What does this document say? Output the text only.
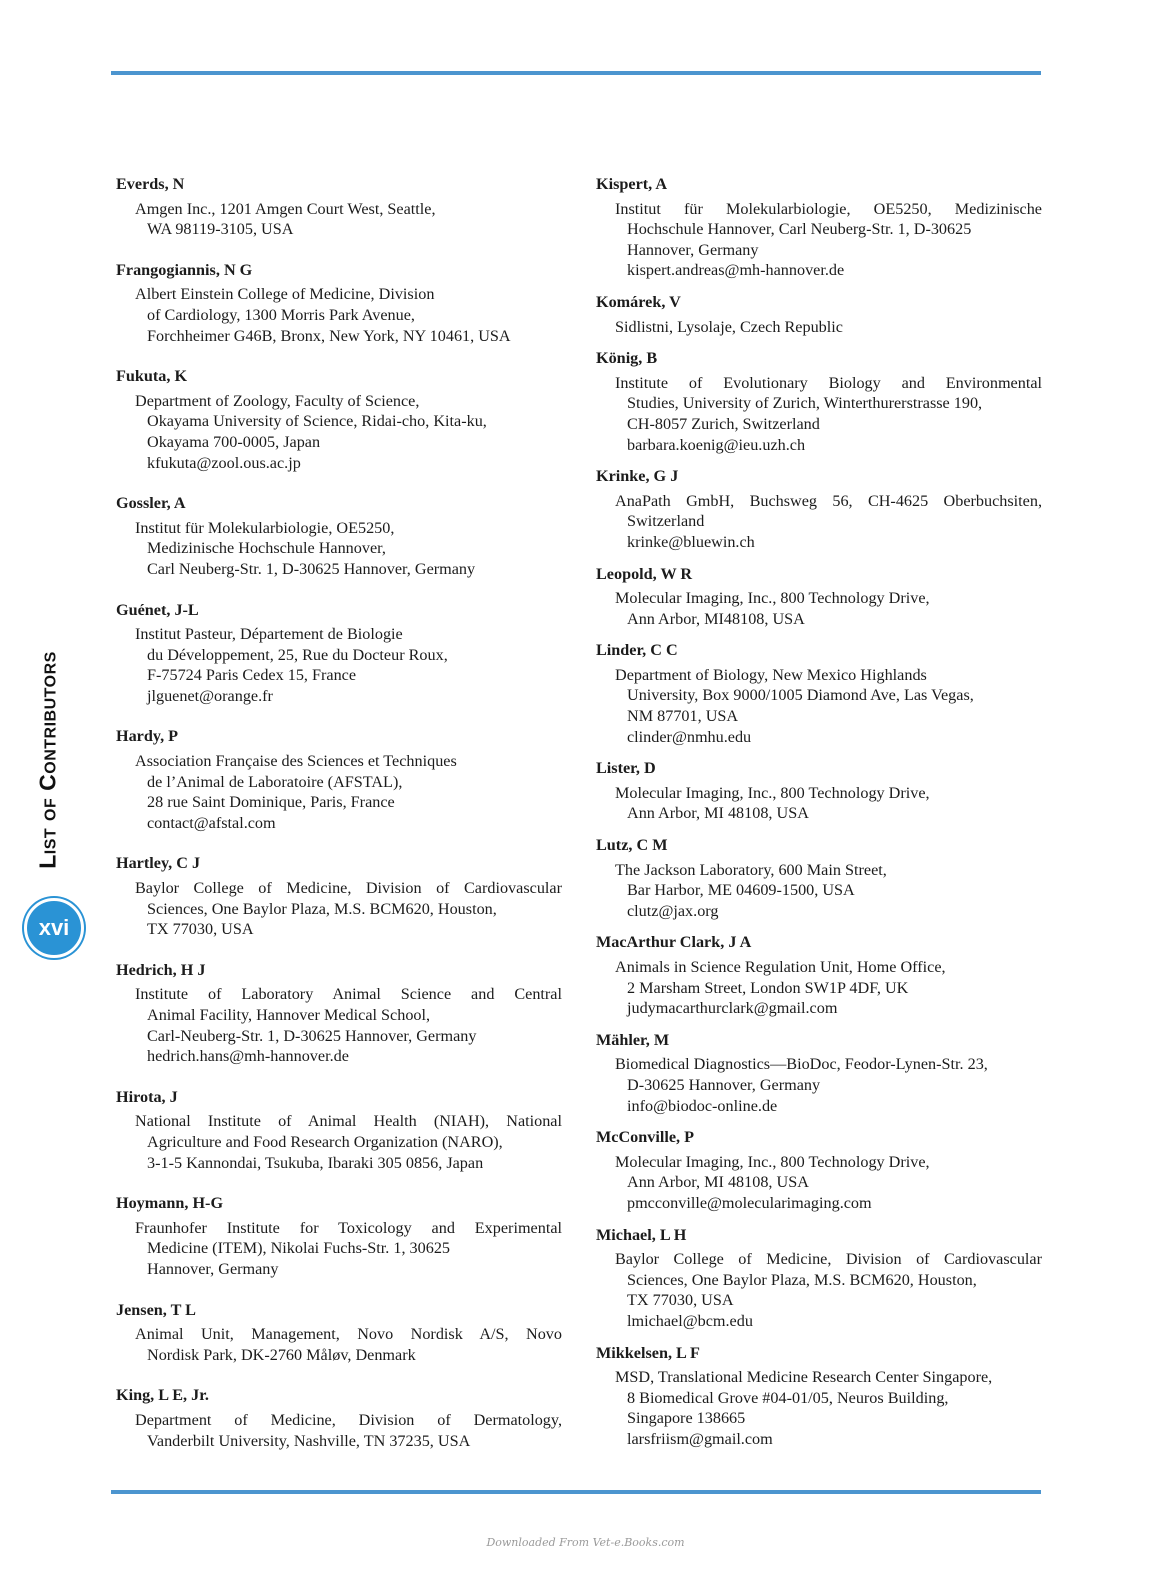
List of Contributors
xvi
Everds, N
Amgen Inc., 1201 Amgen Court West, Seattle,
WA 98119-3105, USA
Frangogiannis, N G
Albert Einstein College of Medicine, Division
of Cardiology, 1300 Morris Park Avenue,
Forchheimer G46B, Bronx, New York, NY 10461, USA
Fukuta, K
Department of Zoology, Faculty of Science,
Okayama University of Science, Ridai-cho, Kita-ku,
Okayama 700-0005, Japan
kfukuta@zool.ous.ac.jp
Gossler, A
Institut für Molekularbiologie, OE5250,
Medizinische Hochschule Hannover,
Carl Neuberg-Str. 1, D-30625 Hannover, Germany
Guénet, J-L
Institut Pasteur, Département de Biologie
du Développement, 25, Rue du Docteur Roux,
F-75724 Paris Cedex 15, France
jlguenet@orange.fr
Hardy, P
Association Française des Sciences et Techniques
de l’Animal de Laboratoire (AFSTAL),
28 rue Saint Dominique, Paris, France
contact@afstal.com
Hartley, C J
Baylor College of Medicine, Division of Cardiovascular
Sciences, One Baylor Plaza, M.S. BCM620, Houston,
TX 77030, USA
Hedrich, H J
Institute of Laboratory Animal Science and Central
Animal Facility, Hannover Medical School,
Carl-Neuberg-Str. 1, D-30625 Hannover, Germany
hedrich.hans@mh-hannover.de
Hirota, J
National Institute of Animal Health (NIAH), National
Agriculture and Food Research Organization (NARO),
3-1-5 Kannondai, Tsukuba, Ibaraki 305 0856, Japan
Hoymann, H-G
Fraunhofer Institute for Toxicology and Experimental
Medicine (ITEM), Nikolai Fuchs-Str. 1, 30625
Hannover, Germany
Jensen, T L
Animal Unit, Management, Novo Nordisk A/S, Novo
Nordisk Park, DK-2760 Måløv, Denmark
King, L E, Jr.
Department of Medicine, Division of Dermatology,
Vanderbilt University, Nashville, TN 37235, USA
Kispert, A
Institut für Molekularbiologie, OE5250, Medizinische
Hochschule Hannover, Carl Neuberg-Str. 1, D-30625
Hannover, Germany
kispert.andreas@mh-hannover.de
Komárek, V
Sidlistni, Lysolaje, Czech Republic
König, B
Institute of Evolutionary Biology and Environmental
Studies, University of Zurich, Winterthurerstrasse 190,
CH-8057 Zurich, Switzerland
barbara.koenig@ieu.uzh.ch
Krinke, G J
AnaPath GmbH, Buchsweg 56, CH-4625 Oberbuchsiten,
Switzerland
krinke@bluewin.ch
Leopold, W R
Molecular Imaging, Inc., 800 Technology Drive,
Ann Arbor, MI48108, USA
Linder, C C
Department of Biology, New Mexico Highlands
University, Box 9000/1005 Diamond Ave, Las Vegas,
NM 87701, USA
clinder@nmhu.edu
Lister, D
Molecular Imaging, Inc., 800 Technology Drive,
Ann Arbor, MI 48108, USA
Lutz, C M
The Jackson Laboratory, 600 Main Street,
Bar Harbor, ME 04609-1500, USA
clutz@jax.org
MacArthur Clark, J A
Animals in Science Regulation Unit, Home Office,
2 Marsham Street, London SW1P 4DF, UK
judymacarthurclark@gmail.com
Mähler, M
Biomedical Diagnostics—BioDoc, Feodor-Lynen-Str. 23,
D-30625 Hannover, Germany
info@biodoc-online.de
McConville, P
Molecular Imaging, Inc., 800 Technology Drive,
Ann Arbor, MI 48108, USA
pmcconville@molecularimaging.com
Michael, L H
Baylor College of Medicine, Division of Cardiovascular
Sciences, One Baylor Plaza, M.S. BCM620, Houston,
TX 77030, USA
lmichael@bcm.edu
Mikkelsen, L F
MSD, Translational Medicine Research Center Singapore,
8 Biomedical Grove #04-01/05, Neuros Building,
Singapore 138665
larsfriism@gmail.com
Downloaded From Vet-e.Books.com
